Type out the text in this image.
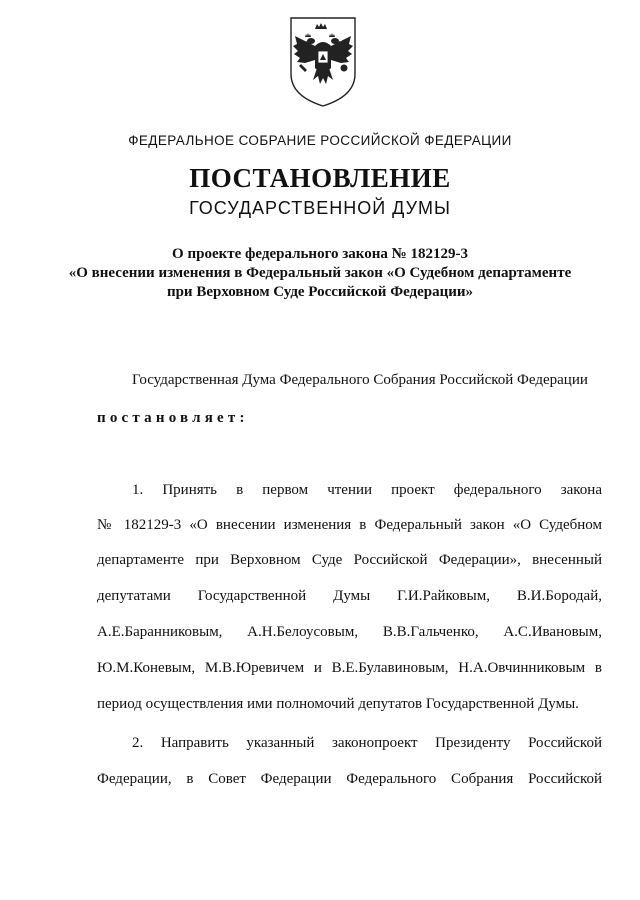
ФЕДЕРАЛЬНОЕ СОБРАНИЕ РОССИЙСКОЙ ФЕДЕРАЦИИ
ПОСТАНОВЛЕНИЕ
ГОСУДАРСТВЕННОЙ ДУМЫ
О проекте федерального закона № 182129-3
«О внесении изменения в Федеральный закон «О Судебном департаменте
при Верховном Суде Российской Федерации»
Государственная Дума Федерального Собрания Российской Федерации
постановляет:
1. Принять в первом чтении проект федерального закона
№ 182129-3 «О внесении изменения в Федеральный закон «О Судебном
департаменте при Верховном Суде Российской Федерации», внесенный
депутатами Государственной Думы Г.И.Райковым, В.И.Бородай,
А.Е.Баранниковым, А.Н.Белоусовым, В.В.Гальченко, А.С.Ивановым,
Ю.М.Коневым, М.В.Юревичем и В.Е.Булавиновым, Н.А.Овчинниковым в
период осуществления ими полномочий депутатов Государственной Думы.
2. Направить указанный законопроект Президенту Российской
Федерации, в Совет Федерации Федерального Собрания Российской
